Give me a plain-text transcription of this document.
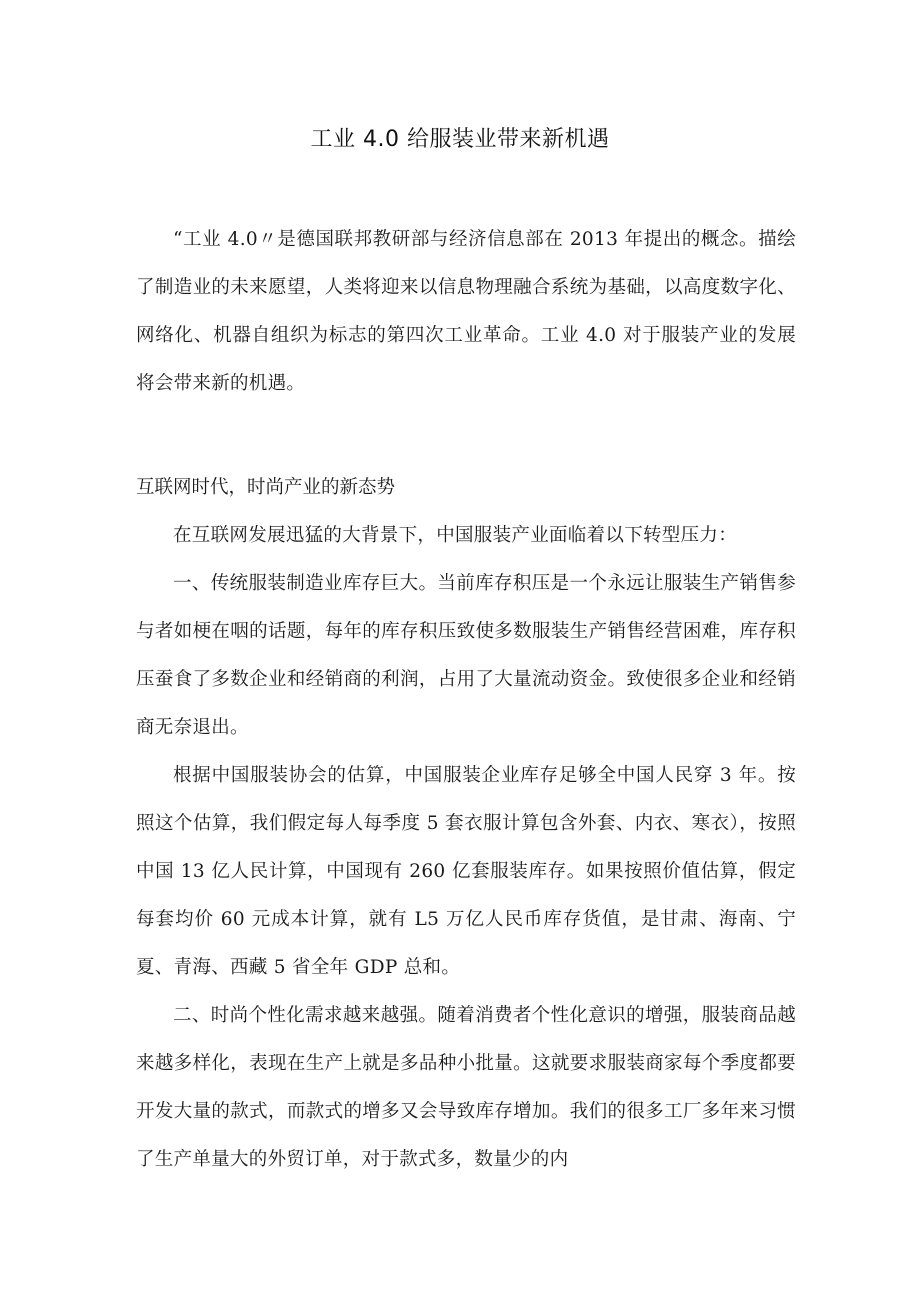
工业 4.0 给服装业带来新机遇

“工业 4.0〃是德国联邦教研部与经济信息部在 2013 年提出的概念。描绘了制造业的未来愿望，人类将迎来以信息物理融合系统为基础，以高度数字化、网络化、机器自组织为标志的第四次工业革命。工业 4.0 对于服装产业的发展将会带来新的机遇。

互联网时代，时尚产业的新态势

在互联网发展迅猛的大背景下，中国服装产业面临着以下转型压力：

一、传统服装制造业库存巨大。当前库存积压是一个永远让服装生产销售参与者如梗在咽的话题，每年的库存积压致使多数服装生产销售经营困难，库存积压蚕食了多数企业和经销商的利润，占用了大量流动资金。致使很多企业和经销商无奈退出。

根据中国服装协会的估算，中国服装企业库存足够全中国人民穿 3 年。按照这个估算，我们假定每人每季度 5 套衣服计算包含外套、内衣、寒衣），按照中国 13 亿人民计算，中国现有 260 亿套服装库存。如果按照价值估算，假定每套均价 60 元成本计算，就有 L5 万亿人民币库存货值，是甘肃、海南、宁夏、青海、西藏 5 省全年 GDP 总和。

二、时尚个性化需求越来越强。随着消费者个性化意识的增强，服装商品越来越多样化，表现在生产上就是多品种小批量。这就要求服装商家每个季度都要开发大量的款式，而款式的增多又会导致库存增加。我们的很多工厂多年来习惯了生产单量大的外贸订单，对于款式多，数量少的内
